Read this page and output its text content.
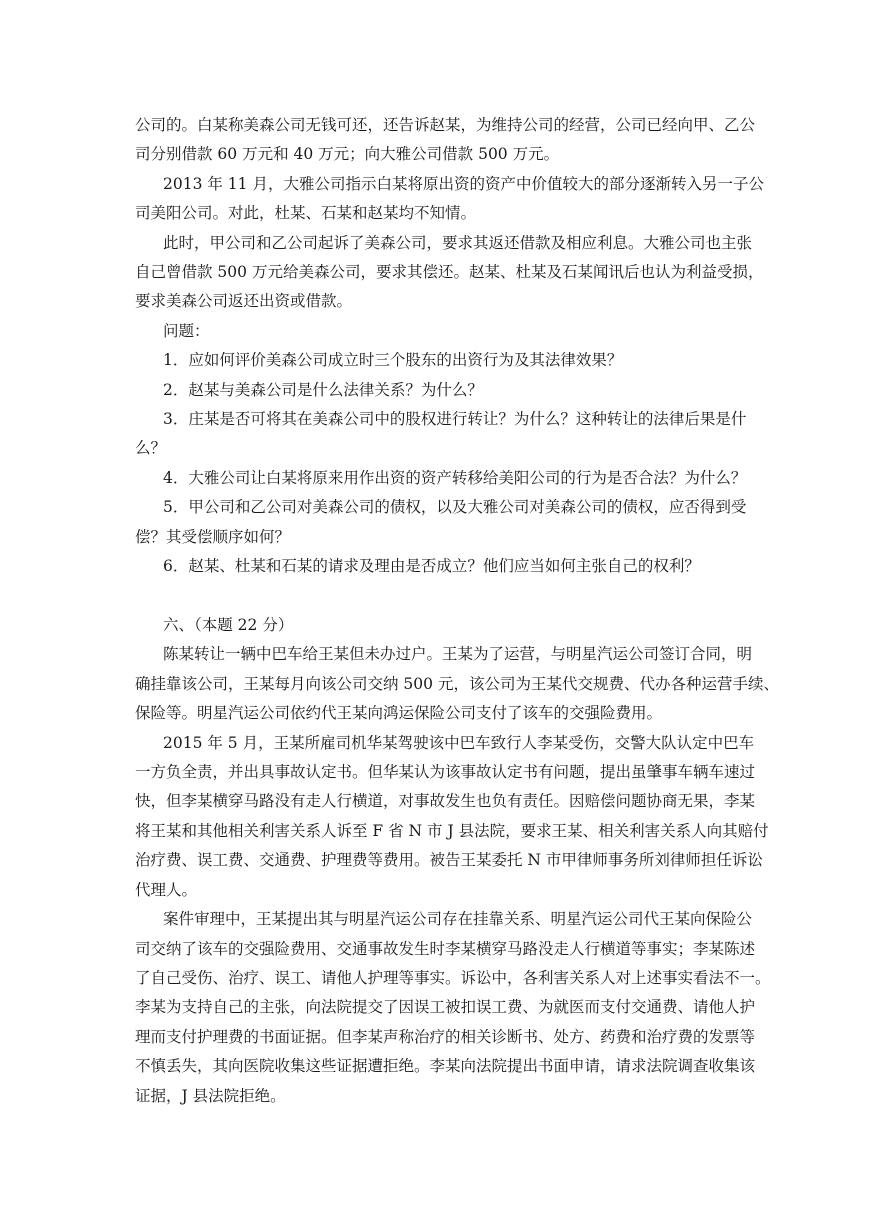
公司的。白某称美森公司无钱可还，还告诉赵某，为维持公司的经营，公司已经向甲、乙公
司分别借款 60 万元和 40 万元；向大雅公司借款 500 万元。
2013 年 11 月，大雅公司指示白某将原出资的资产中价值较大的部分逐渐转入另一子公
司美阳公司。对此，杜某、石某和赵某均不知情。
此时，甲公司和乙公司起诉了美森公司，要求其返还借款及相应利息。大雅公司也主张
自己曾借款 500 万元给美森公司，要求其偿还。赵某、杜某及石某闻讯后也认为利益受损，
要求美森公司返还出资或借款。
问题：
1．应如何评价美森公司成立时三个股东的出资行为及其法律效果？
2．赵某与美森公司是什么法律关系？为什么？
3．庄某是否可将其在美森公司中的股权进行转让？为什么？这种转让的法律后果是什
么？
4．大雅公司让白某将原来用作出资的资产转移给美阳公司的行为是否合法？为什么？
5．甲公司和乙公司对美森公司的债权，以及大雅公司对美森公司的债权，应否得到受
偿？其受偿顺序如何？
6．赵某、杜某和石某的请求及理由是否成立？他们应当如何主张自己的权利？
六、（本题 22 分）
陈某转让一辆中巴车给王某但未办过户。王某为了运营，与明星汽运公司签订合同，明
确挂靠该公司，王某每月向该公司交纳 500 元，该公司为王某代交规费、代办各种运营手续、
保险等。明星汽运公司依约代王某向鸿运保险公司支付了该车的交强险费用。
2015 年 5 月，王某所雇司机华某驾驶该中巴车致行人李某受伤，交警大队认定中巴车
一方负全责，并出具事故认定书。但华某认为该事故认定书有问题，提出虽肇事车辆车速过
快，但李某横穿马路没有走人行横道，对事故发生也负有责任。因赔偿问题协商无果，李某
将王某和其他相关利害关系人诉至 F 省 N 市 J 县法院，要求王某、相关利害关系人向其赔付
治疗费、误工费、交通费、护理费等费用。被告王某委托 N 市甲律师事务所刘律师担任诉讼
代理人。
案件审理中，王某提出其与明星汽运公司存在挂靠关系、明星汽运公司代王某向保险公
司交纳了该车的交强险费用、交通事故发生时李某横穿马路没走人行横道等事实；李某陈述
了自己受伤、治疗、误工、请他人护理等事实。诉讼中，各利害关系人对上述事实看法不一。
李某为支持自己的主张，向法院提交了因误工被扣误工费、为就医而支付交通费、请他人护
理而支付护理费的书面证据。但李某声称治疗的相关诊断书、处方、药费和治疗费的发票等
不慎丢失，其向医院收集这些证据遭拒绝。李某向法院提出书面申请，请求法院调查收集该
证据，J 县法院拒绝。
